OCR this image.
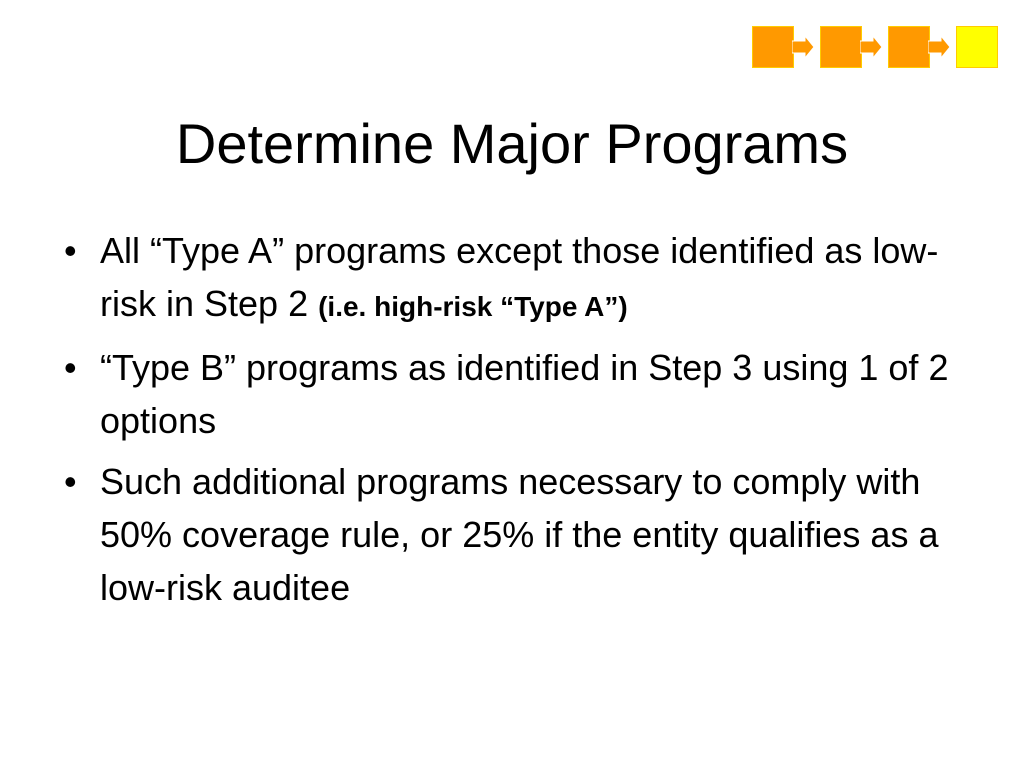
Determine Major Programs
• All “Type A” programs except those identified as low-risk in Step 2 (i.e. high-risk “Type A”)
• “Type B” programs as identified in Step 3 using 1 of 2 options
• Such additional programs necessary to comply with 50% coverage rule, or 25% if the entity qualifies as a low-risk auditee
